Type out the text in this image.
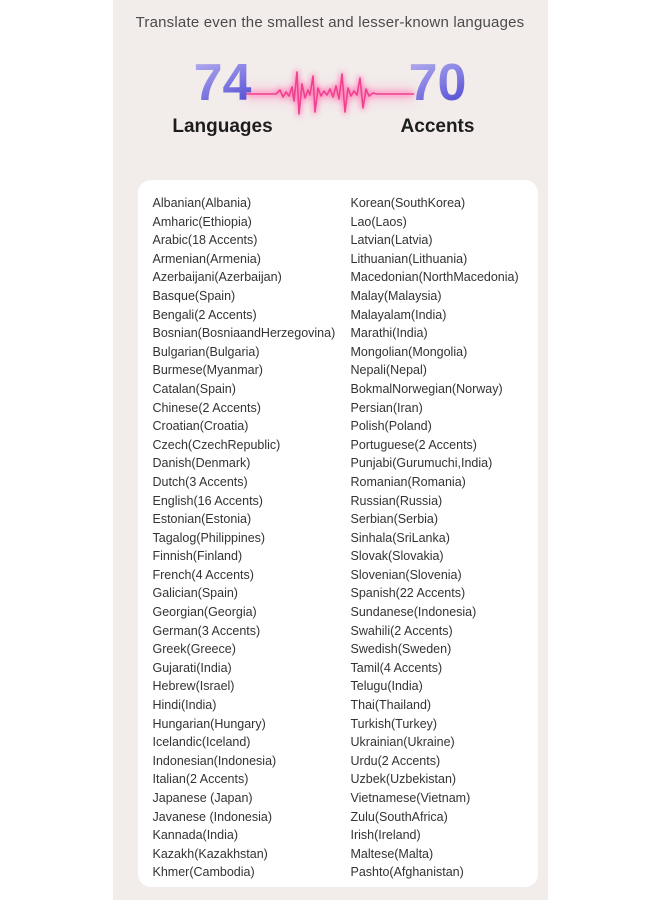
Translate even the smallest and lesser-known languages
74
Languages
70
Accents
Albanian(Albania)
Amharic(Ethiopia)
Arabic(18 Accents)
Armenian(Armenia)
Azerbaijani(Azerbaijan)
Basque(Spain)
Bengali(2 Accents)
Bosnian(BosniaandHerzegovina)
Bulgarian(Bulgaria)
Burmese(Myanmar)
Catalan(Spain)
Chinese(2 Accents)
Croatian(Croatia)
Czech(CzechRepublic)
Danish(Denmark)
Dutch(3 Accents)
English(16 Accents)
Estonian(Estonia)
Tagalog(Philippines)
Finnish(Finland)
French(4 Accents)
Galician(Spain)
Georgian(Georgia)
German(3 Accents)
Greek(Greece)
Gujarati(India)
Hebrew(Israel)
Hindi(India)
Hungarian(Hungary)
Icelandic(Iceland)
Indonesian(Indonesia)
Italian(2 Accents)
Japanese (Japan)
Javanese (Indonesia)
Kannada(India)
Kazakh(Kazakhstan)
Khmer(Cambodia)
Korean(SouthKorea)
Lao(Laos)
Latvian(Latvia)
Lithuanian(Lithuania)
Macedonian(NorthMacedonia)
Malay(Malaysia)
Malayalam(India)
Marathi(India)
Mongolian(Mongolia)
Nepali(Nepal)
BokmalNorwegian(Norway)
Persian(Iran)
Polish(Poland)
Portuguese(2 Accents)
Punjabi(Gurumuchi,India)
Romanian(Romania)
Russian(Russia)
Serbian(Serbia)
Sinhala(SriLanka)
Slovak(Slovakia)
Slovenian(Slovenia)
Spanish(22 Accents)
Sundanese(Indonesia)
Swahili(2 Accents)
Swedish(Sweden)
Tamil(4 Accents)
Telugu(India)
Thai(Thailand)
Turkish(Turkey)
Ukrainian(Ukraine)
Urdu(2 Accents)
Uzbek(Uzbekistan)
Vietnamese(Vietnam)
Zulu(SouthAfrica)
Irish(Ireland)
Maltese(Malta)
Pashto(Afghanistan)
